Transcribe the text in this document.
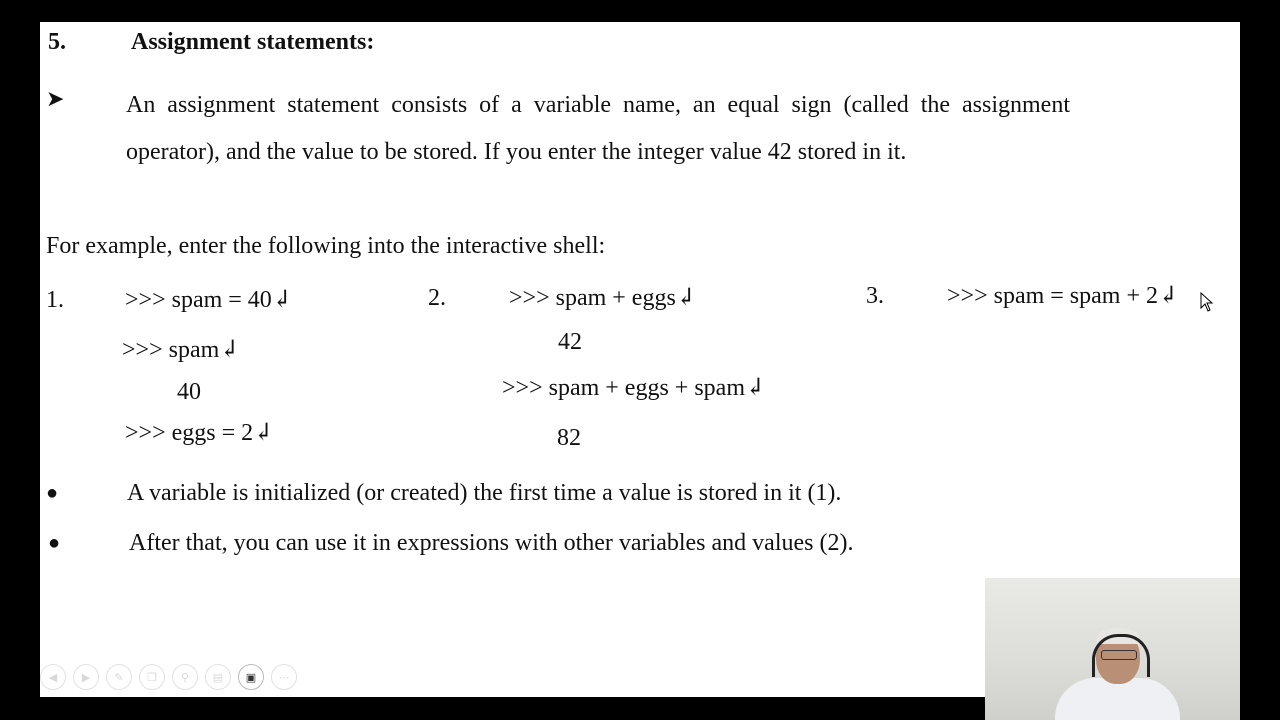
5.	Assignment statements:
➤	An assignment statement consists of a variable name, an equal sign (called the assignment operator), and the value to be stored. If you enter the integer value 42 stored in it.
For example, enter the following into the interactive shell:
1.	>>> spam = 40↲
>>> spam↲
40
>>> eggs = 2↲
2.	>>> spam + eggs↲
42
>>> spam + eggs + spam↲
82
3.	>>> spam = spam + 2↲
●	A variable is initialized (or created) the first time a value is stored in it (1).
●	After that, you can use it in expressions with other variables and values (2).
◀	▶	✎	❐	⚲	▤	▣	⋯
